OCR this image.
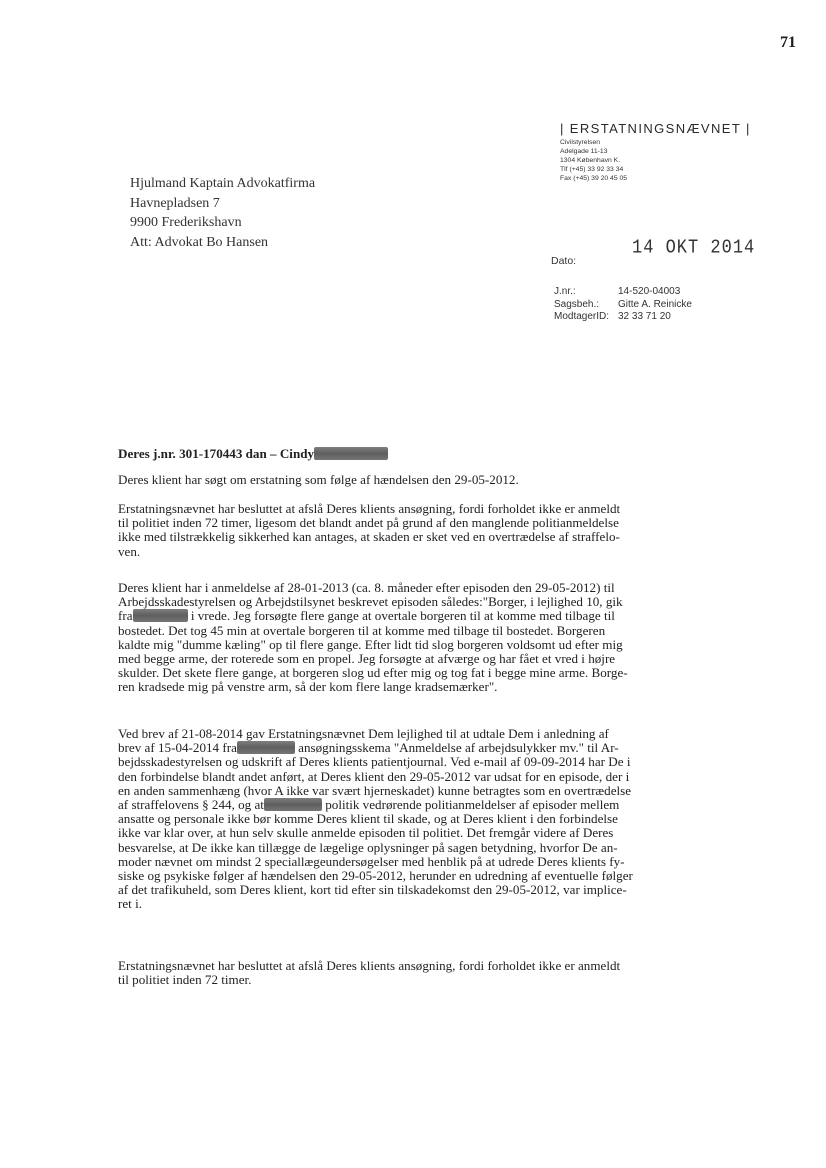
71
| ERSTATNINGSNÆVNET |
Civilstyrelsen
Adelgade 11-13
1304 København K.
Tlf (+45) 33 92 33 34
Fax (+45) 39 20 45 05
Hjulmand Kaptain Advokatfirma
Havnepladsen 7
9900 Frederikshavn
Att: Advokat Bo Hansen	14 OKT 2014
Dato:
J.nr.:	14-520-04003
Sagsbeh.:	Gitte A. Reinicke
ModtagerID: 32 33 71 20

Deres j.nr. 301-170443 dan – Cindy

Deres klient har søgt om erstatning som følge af hændelsen den 29-05-2012.

Erstatningsnævnet har besluttet at afslå Deres klients ansøgning, fordi forholdet ikke er anmeldt

til politiet inden 72 timer, ligesom det blandt andet på grund af den manglende politianmeldelse

ikke med tilstrækkelig sikkerhed kan antages, at skaden er sket ved en overtrædelse af straffelo-

ven.

Deres klient har i anmeldelse af 28-01-2013 (ca. 8. måneder efter episoden den 29-05-2012) til

Arbejdsskadestyrelsen og Arbejdstilsynet beskrevet episoden således:"Borger, i lejlighed 10, gik

fra	i vrede. Jeg forsøgte flere gange at overtale borgeren til at komme med tilbage til

bostedet. Det tog 45 min at overtale borgeren til at komme med tilbage til bostedet. Borgeren

kaldte mig "dumme kæling" op til flere gange. Efter lidt tid slog borgeren voldsomt ud efter mig

med begge arme, der roterede som en propel. Jeg forsøgte at afværge og har fået et vred i højre

skulder. Det skete flere gange, at borgeren slog ud efter mig og tog fat i begge mine arme. Borge-

ren kradsede mig på venstre arm, så der kom flere lange kradsemærker".

Ved brev af 21-08-2014 gav Erstatningsnævnet Dem lejlighed til at udtale Dem i anledning af

brev af 15-04-2014 fra	ansøgningsskema "Anmeldelse af arbejdsulykker mv." til Ar-

bejdsskadestyrelsen og udskrift af Deres klients patientjournal. Ved e-mail af 09-09-2014 har De i

den forbindelse blandt andet anført, at Deres klient den 29-05-2012 var udsat for en episode, der i

en anden sammenhæng (hvor A ikke var svært hjerneskadet) kunne betragtes som en overtrædelse

af straffelovens § 244, og at	politik vedrørende politianmeldelser af episoder mellem

ansatte og personale ikke bør komme Deres klient til skade, og at Deres klient i den forbindelse

ikke var klar over, at hun selv skulle anmelde episoden til politiet. Det fremgår videre af Deres

besvarelse, at De ikke kan tillægge de lægelige oplysninger på sagen betydning, hvorfor De an-

moder nævnet om mindst 2 speciallægeundersøgelser med henblik på at udrede Deres klients fy-

siske og psykiske følger af hændelsen den 29-05-2012, herunder en udredning af eventuelle følger

af det trafikuheld, som Deres klient, kort tid efter sin tilskadekomst den 29-05-2012, var implice-

ret i.

Erstatningsnævnet har besluttet at afslå Deres klients ansøgning, fordi forholdet ikke er anmeldt

til politiet inden 72 timer.
